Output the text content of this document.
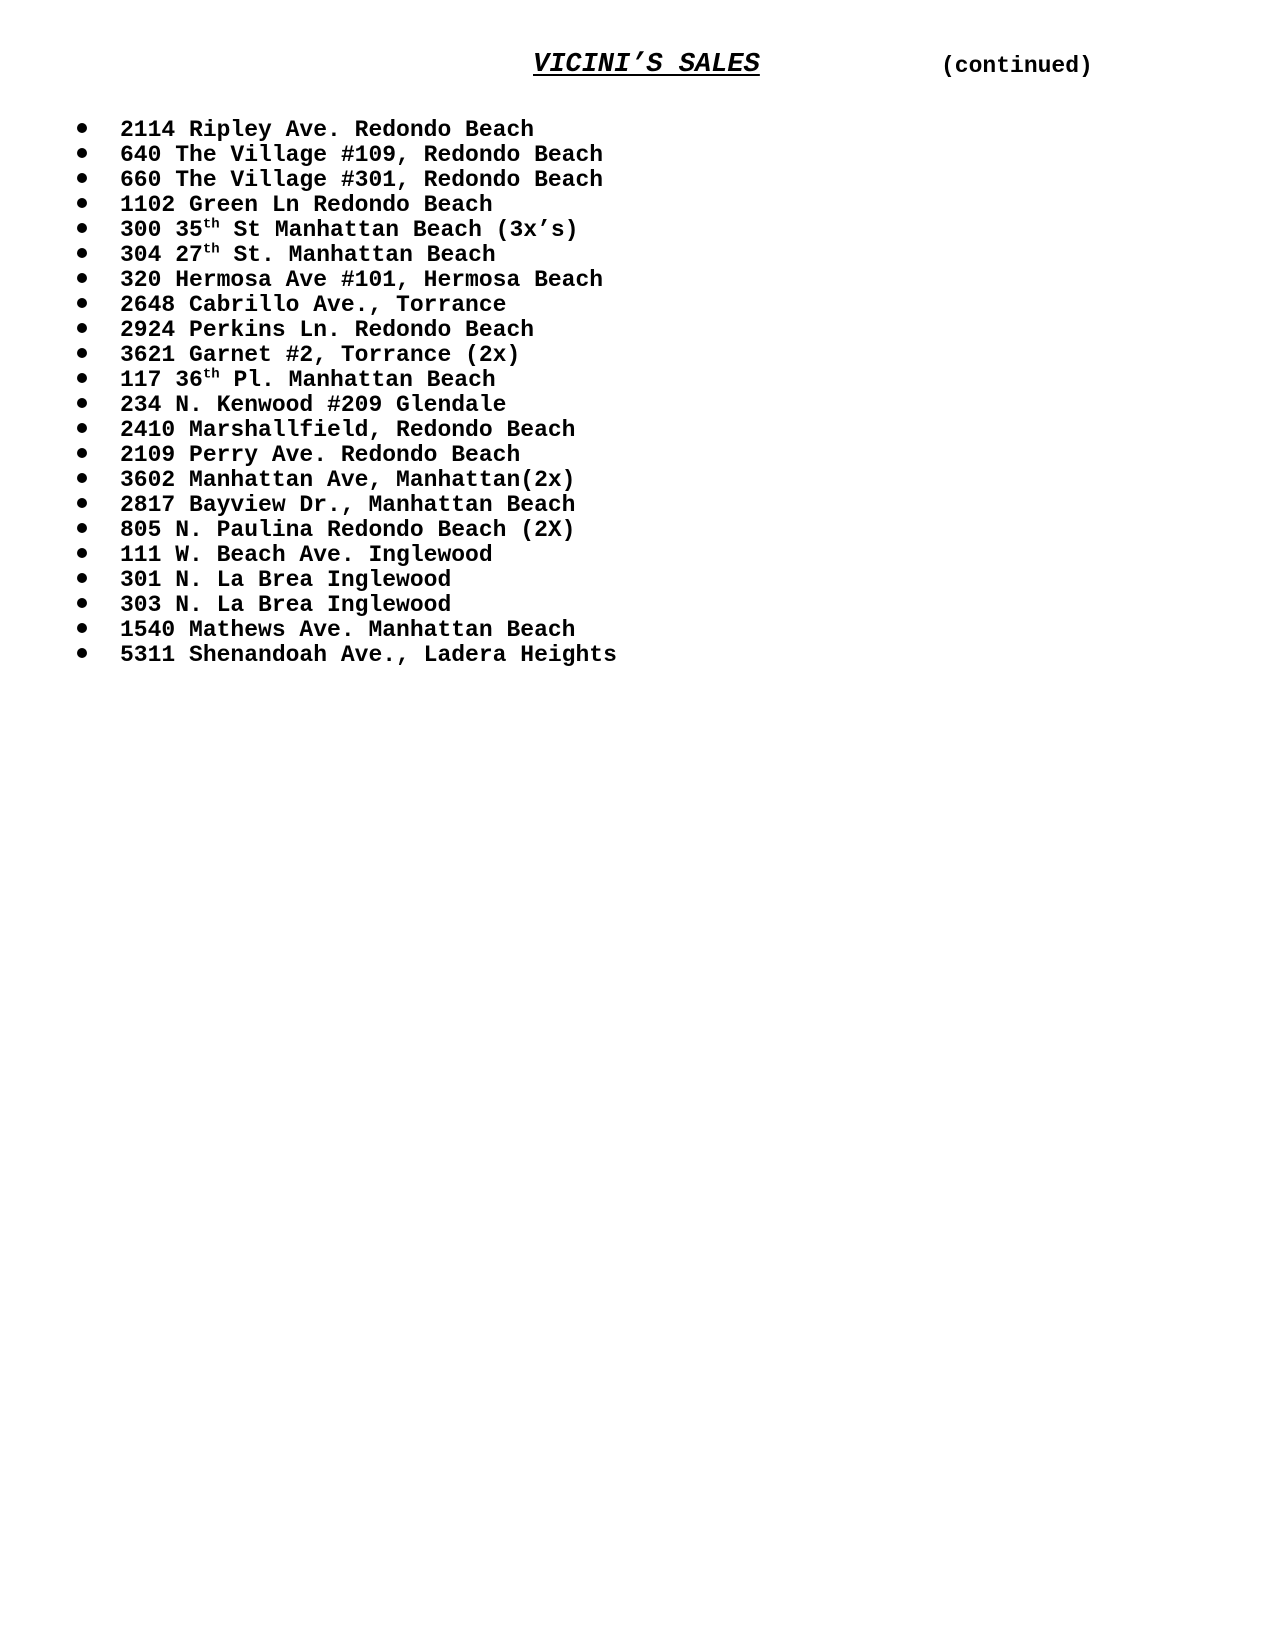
VICINI’S SALES	(continued)
2114 Ripley Ave. Redondo Beach
640 The Village #109, Redondo Beach
660 The Village #301, Redondo Beach
1102 Green Ln Redondo Beach
300 35th St Manhattan Beach (3x’s)
304 27th St. Manhattan Beach
320 Hermosa Ave #101, Hermosa Beach
2648 Cabrillo Ave., Torrance
2924 Perkins Ln. Redondo Beach
3621 Garnet #2, Torrance (2x)
117 36th Pl. Manhattan Beach
234 N. Kenwood #209 Glendale
2410 Marshallfield, Redondo Beach
2109 Perry Ave. Redondo Beach
3602 Manhattan Ave, Manhattan(2x)
2817 Bayview Dr., Manhattan Beach
805 N. Paulina Redondo Beach (2X)
111 W. Beach Ave. Inglewood
301 N. La Brea Inglewood
303 N. La Brea Inglewood
1540 Mathews Ave. Manhattan Beach
5311 Shenandoah Ave., Ladera Heights
